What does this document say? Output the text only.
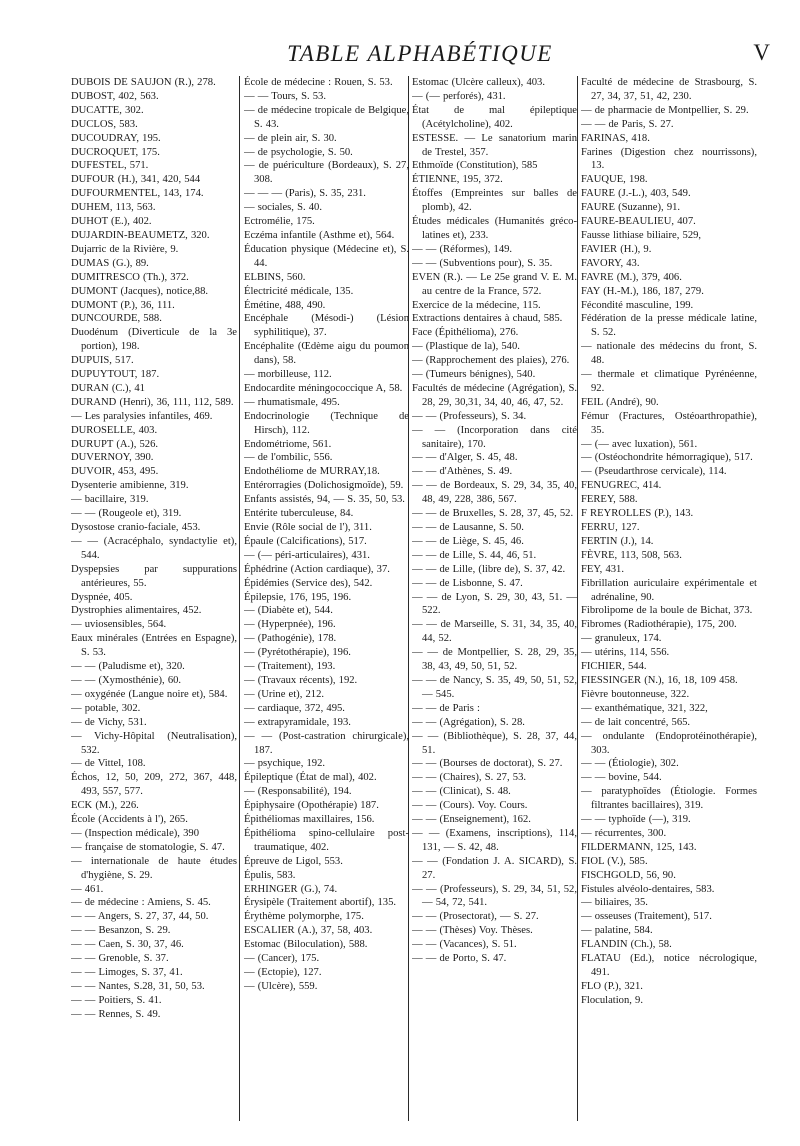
TABLE ALPHABÉTIQUE	V

DUBOIS DE SAUJON (R.), 278.

DUBOST, 402, 563.

DUCATTE, 302.

DUCLOS, 583.

DUCOUDRAY, 195.

DUCROQUET, 175.

DUFESTEL, 571.

DUFOUR (H.), 341, 420, 544

DUFOURMENTEL, 143, 174.

DUHEM, 113, 563.

DUHOT (E.), 402.

DUJARDIN-BEAUMETZ, 320.

Dujarric de la Rivière, 9.

DUMAS (G.), 89.

DUMITRESCO (Th.), 372.

DUMONT (Jacques), notice,88.

DUMONT (P.), 36, 111.

DUNCOURDE, 588.

Duodénum (Diverticule de la 3e portion), 198.

DUPUIS, 517.

DUPUYTOUT, 187.

DURAN (C.), 41

DURAND (Henri), 36, 111, 112, 589.

— Les paralysies infantiles, 469.

DUROSELLE, 403.

DURUPT (A.), 526.

DUVERNOY, 390.

DUVOIR, 453, 495.

Dysenterie amibienne, 319.

— bacillaire, 319.

— — (Rougeole et), 319.

Dysostose cranio-faciale, 453.

— — (Acracéphalo, syndactylie et), 544.

Dyspepsies par suppurations antérieures, 55.

Dyspnée, 405.

Dystrophies alimentaires, 452.

— uviosensibles, 564.

Eaux minérales (Entrées en Espagne), S. 53.

— — (Paludisme et), 320.

— — (Xymosthénie), 60.

— oxygénée (Langue noire et), 584.

— potable, 302.

— de Vichy, 531.

— Vichy-Hôpital (Neutralisation), 532.

— de Vittel, 108.

Échos, 12, 50, 209, 272, 367, 448, 493, 557, 577.

ECK (M.), 226.

École (Accidents à l'), 265.

— (Inspection médicale), 390

— française de stomatologie, S. 47.

— internationale de haute études d'hygiène, S. 29.

— 461.

— de médecine : Amiens, S. 45.

— — Angers, S. 27, 37, 44, 50.

— — Besanzon, S. 29.

— — Caen, S. 30, 37, 46.

— — Grenoble, S. 37.

— — Limoges, S. 37, 41.

— — Nantes, S.28, 31, 50, 53.

— — Poitiers, S. 41.

— — Rennes, S. 49.

École de médecine : Rouen, S. 53.

— — Tours, S. 53.

— de médecine tropicale de Belgique, S. 43.

— de plein air, S. 30.

— de psychologie, S. 50.

— de puériculture (Bordeaux), S. 27, 308.

— — — (Paris), S. 35, 231.

— sociales, S. 40.

Ectromélie, 175.

Eczéma infantile (Asthme et), 564.

Éducation physique (Médecine et), S. 44.

ELBINS, 560.

Électricité médicale, 135.

Émétine, 488, 490.

Encéphale (Mésodi-) (Lésion syphilitique), 37.

Encéphalite (Œdème aigu du poumon dans), 58.

— morbilleuse, 112.

Endocardite méningococcique A, 58.

— rhumatismale, 495.

Endocrinologie (Technique de Hirsch), 112.

Endométriome, 561.

— de l'ombilic, 556.

Endothéliome de MURRAY,18.

Entérorragies (Dolichosigmoïde), 59.

Enfants assistés, 94, — S. 35, 50, 53.

Entérite tuberculeuse, 84.

Envie (Rôle social de l'), 311.

Épaule (Calcifications), 517.

— (— péri-articulaires), 431.

Éphédrine (Action cardiaque), 37.

Épidémies (Service des), 542.

Épilepsie, 176, 195, 196.

— (Diabète et), 544.

— (Hyperpnée), 196.

— (Pathogénie), 178.

— (Pyrétothérapie), 196.

— (Traitement), 193.

— (Travaux récents), 192.

— (Urine et), 212.

— cardiaque, 372, 495.

— extrapyramidale, 193.

— — (Post-castration chirurgicale), 187.

— psychique, 192.

Épileptique (État de mal), 402.

— (Responsabilité), 194.

Épiphysaire (Opothérapie) 187.

Épithéliomas maxillaires, 156.

Épithélioma spino-cellulaire post-traumatique, 402.

Épreuve de Ligol, 553.

Épulis, 583.

ERHINGER (G.), 74.

Érysipèle (Traitement abortif), 135.

Érythème polymorphe, 175.

ESCALIER (A.), 37, 58, 403.

Estomac (Biloculation), 588.

— (Cancer), 175.

— (Ectopie), 127.

— (Ulcère), 559.

Estomac (Ulcère calleux), 403.

— (— perforés), 431.

État de mal épileptique (Acétylcholine), 402.

ESTESSE. — Le sanatorium marin de Trestel, 357.

Ethmoïde (Constitution), 585

ÉTIENNE, 195, 372.

Étoffes (Empreintes sur balles de plomb), 42.

Études médicales (Humanités gréco-latines et), 233.

— — (Réformes), 149.

— — (Subventions pour), S. 35.

EVEN (R.). — Le 25e grand V. E. M. au centre de la France, 572.

Exercice de la médecine, 115.

Extractions dentaires à chaud, 585.

Face (Épithélioma), 276.

— (Plastique de la), 540.

— (Rapprochement des plaies), 276.

— (Tumeurs bénignes), 540.

Facultés de médecine (Agrégation), S. 28, 29, 30,31, 34, 40, 46, 47, 52.

— — (Professeurs), S. 34.

— — (Incorporation dans cité sanitaire), 170.

— — d'Alger, S. 45, 48.

— — d'Athènes, S. 49.

— — de Bordeaux, S. 29, 34, 35, 40, 48, 49, 228, 386, 567.

— — de Bruxelles, S. 28, 37, 45, 52.

— — de Lausanne, S. 50.

— — de Liège, S. 45, 46.

— — de Lille, S. 44, 46, 51.

— — de Lille, (libre de), S. 37, 42.

— — de Lisbonne, S. 47.

— — de Lyon, S. 29, 30, 43, 51. — 522.

— — de Marseille, S. 31, 34, 35, 40, 44, 52.

— — de Montpellier, S. 28, 29, 35, 38, 43, 49, 50, 51, 52.

— — de Nancy, S. 35, 49, 50, 51, 52, — 545.

— — de Paris :

— — (Agrégation), S. 28.

— — (Bibliothèque), S. 28, 37, 44, 51.

— — (Bourses de doctorat), S. 27.

— — (Chaires), S. 27, 53.

— — (Clinicat), S. 48.

— — (Cours). Voy. Cours.

— — (Enseignement), 162.

— — (Examens, inscriptions), 114, 131, — S. 42, 48.

— — (Fondation J. A. SICARD), S. 27.

— — (Professeurs), S. 29, 34, 51, 52, — 54, 72, 541.

— — (Prosectorat), — S. 27.

— — (Thèses) Voy. Thèses.

— — (Vacances), S. 51.

— — de Porto, S. 47.

Faculté de médecine de Strasbourg, S. 27, 34, 37, 51, 42, 230.

— de pharmacie de Montpellier, S. 29.

— — de Paris, S. 27.

FARINAS, 418.

Farines (Digestion chez nourrissons), 13.

FAUQUE, 198.

FAURE (J.-L.), 403, 549.

FAURE (Suzanne), 91.

FAURE-BEAULIEU, 407.

Fausse lithiase biliaire, 529,

FAVIER (H.), 9.

FAVORY, 43.

FAVRE (M.), 379, 406.

FAY (H.-M.), 186, 187, 279.

Fécondité masculine, 199.

Fédération de la presse médicale latine, S. 52.

— nationale des médecins du front, S. 48.

— thermale et climatique Pyrénéenne, 92.

FEIL (André), 90.

Fémur (Fractures, Ostéoarthropathie), 35.

— (— avec luxation), 561.

— (Ostéochondrite hémorragique), 517.

— (Pseudarthrose cervicale), 114.

FENUGREC, 414.

FEREY, 588.

F REYROLLES (P.), 143.

FERRU, 127.

FERTIN (J.), 14.

FÈVRE, 113, 508, 563.

FEY, 431.

Fibrillation auriculaire expérimentale et adrénaline, 90.

Fibrolipome de la boule de Bichat, 373.

Fibromes (Radiothérapie), 175, 200.

— granuleux, 174.

— utérins, 114, 556.

FICHIER, 544.

FIESSINGER (N.), 16, 18, 109 458.

Fièvre boutonneuse, 322.

— exanthématique, 321, 322,

— de lait concentré, 565.

— ondulante (Endoprotéinothérapie), 303.

— — (Étiologie), 302.

— — bovine, 544.

— paratyphoïdes (Étiologie. Formes filtrantes bacillaires), 319.

— — typhoïde (—), 319.

— récurrentes, 300.

FILDERMANN, 125, 143.

FIOL (V.), 585.

FISCHGOLD, 56, 90.

Fistules alvéolo-dentaires, 583.

— biliaires, 35.

— osseuses (Traitement), 517.

— palatine, 584.

FLANDIN (Ch.), 58.

FLATAU (Ed.), notice nécrologique, 491.

FLO (P.), 321.

Floculation, 9.
